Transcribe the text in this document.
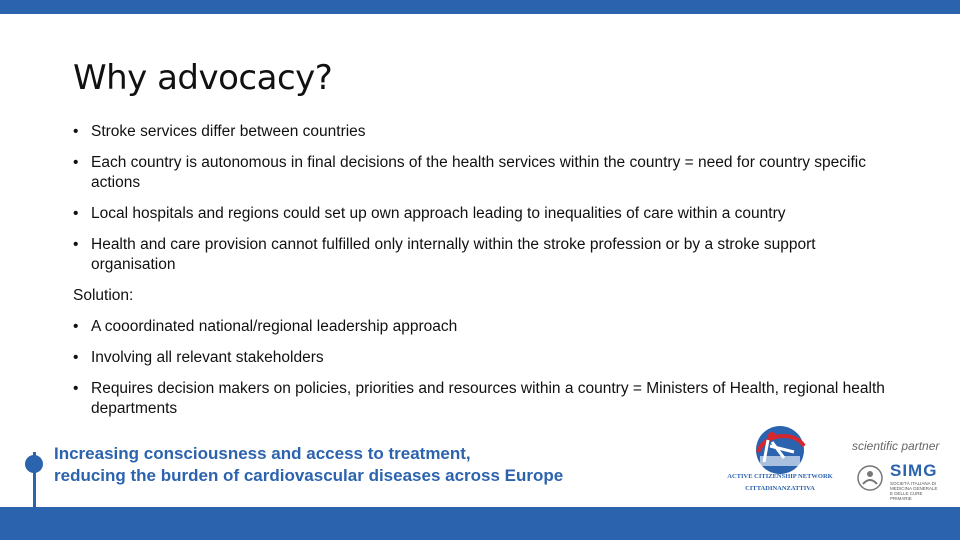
Why advocacy?
• Stroke services differ between countries
• Each country is autonomous in final decisions of the health services within the country = need for country specific actions
• Local hospitals and regions could set up own approach leading to inequalities of care within a country
• Health and care provision cannot fulfilled only internally within the stroke profession or by a stroke support organisation
Solution:
• A cooordinated national/regional leadership approach
• Involving all relevant stakeholders
• Requires decision makers on policies, priorities and resources within a country = Ministers of Health, regional health departments
Increasing consciousness and access to treatment,
reducing the burden of cardiovascular diseases across Europe	ACTIVE CITIZENSHIP NETWORK
CITTADINANZATTIVA
scientific partner
SIMG
SOCIETÀ ITALIANA DI MEDICINA GENERALE E DELLE CURE PRIMARIE
